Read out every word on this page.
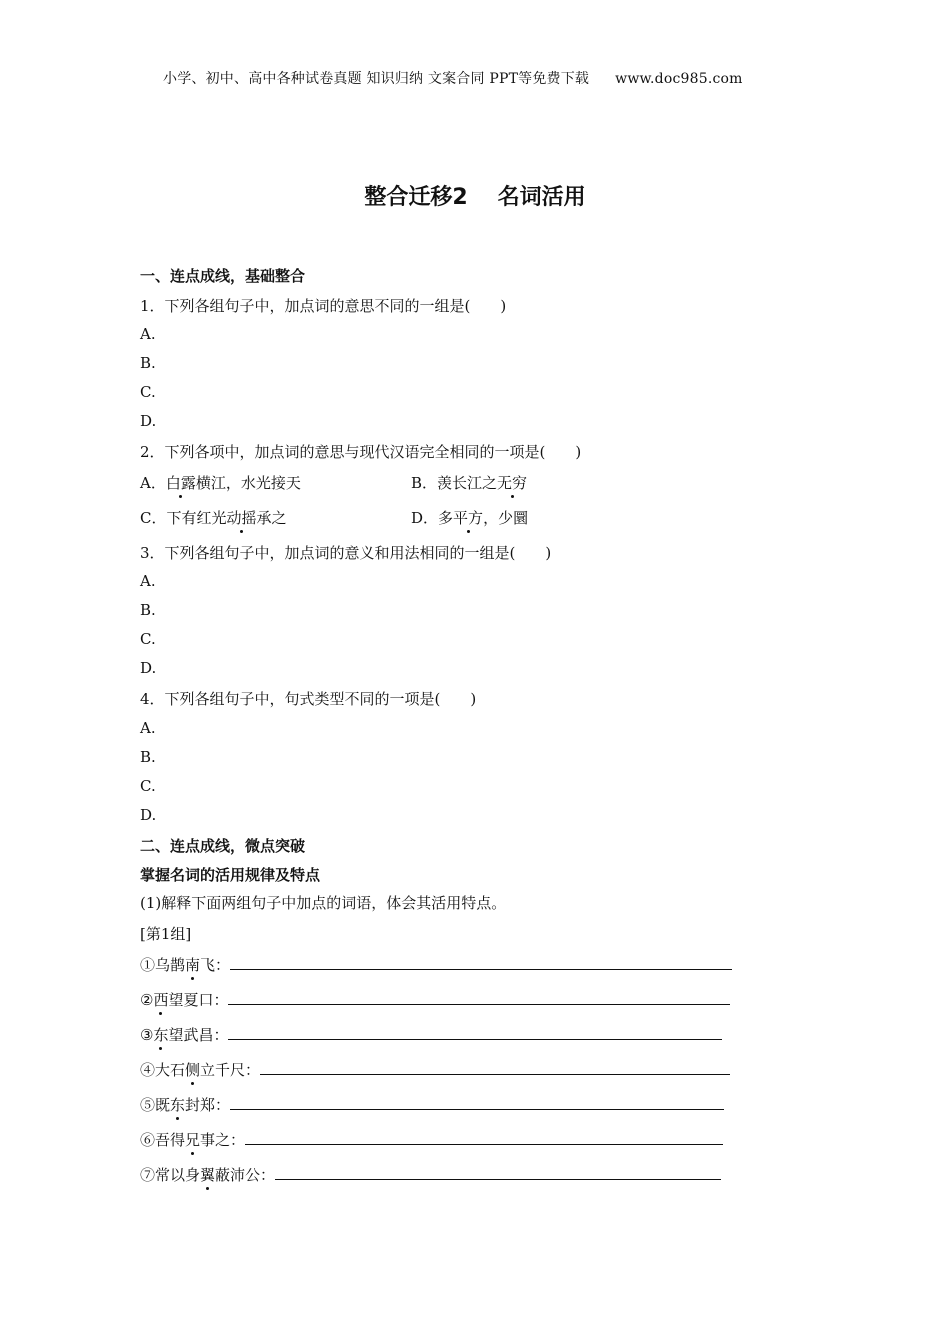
小学、初中、高中各种试卷真题 知识归纳 文案合同 PPT等免费下载 www.doc985.com
整合迁移2 名词活用
一、连点成线，基础整合
1．下列各组句子中，加点词的意思不同的一组是(　　)
A.
B.
C.
D.
2．下列各项中，加点词的意思与现代汉语完全相同的一项是(　　)
A．白露横江，水光接天	B．羡长江之无穷
C．下有红光动摇承之	D．多平方，少圜
3．下列各组句子中，加点词的意义和用法相同的一组是(　　)
A.
B.
C.
D.
4．下列各组句子中，句式类型不同的一项是(　　)
A.
B.
C.
D.
二、连点成线，微点突破
掌握名词的活用规律及特点
(1)解释下面两组句子中加点的词语，体会其活用特点。
[第1组]
①乌鹊南飞：
②西望夏口：
③东望武昌：
④大石侧立千尺：
⑤既东封郑：
⑥吾得兄事之：
⑦常以身翼蔽沛公：
